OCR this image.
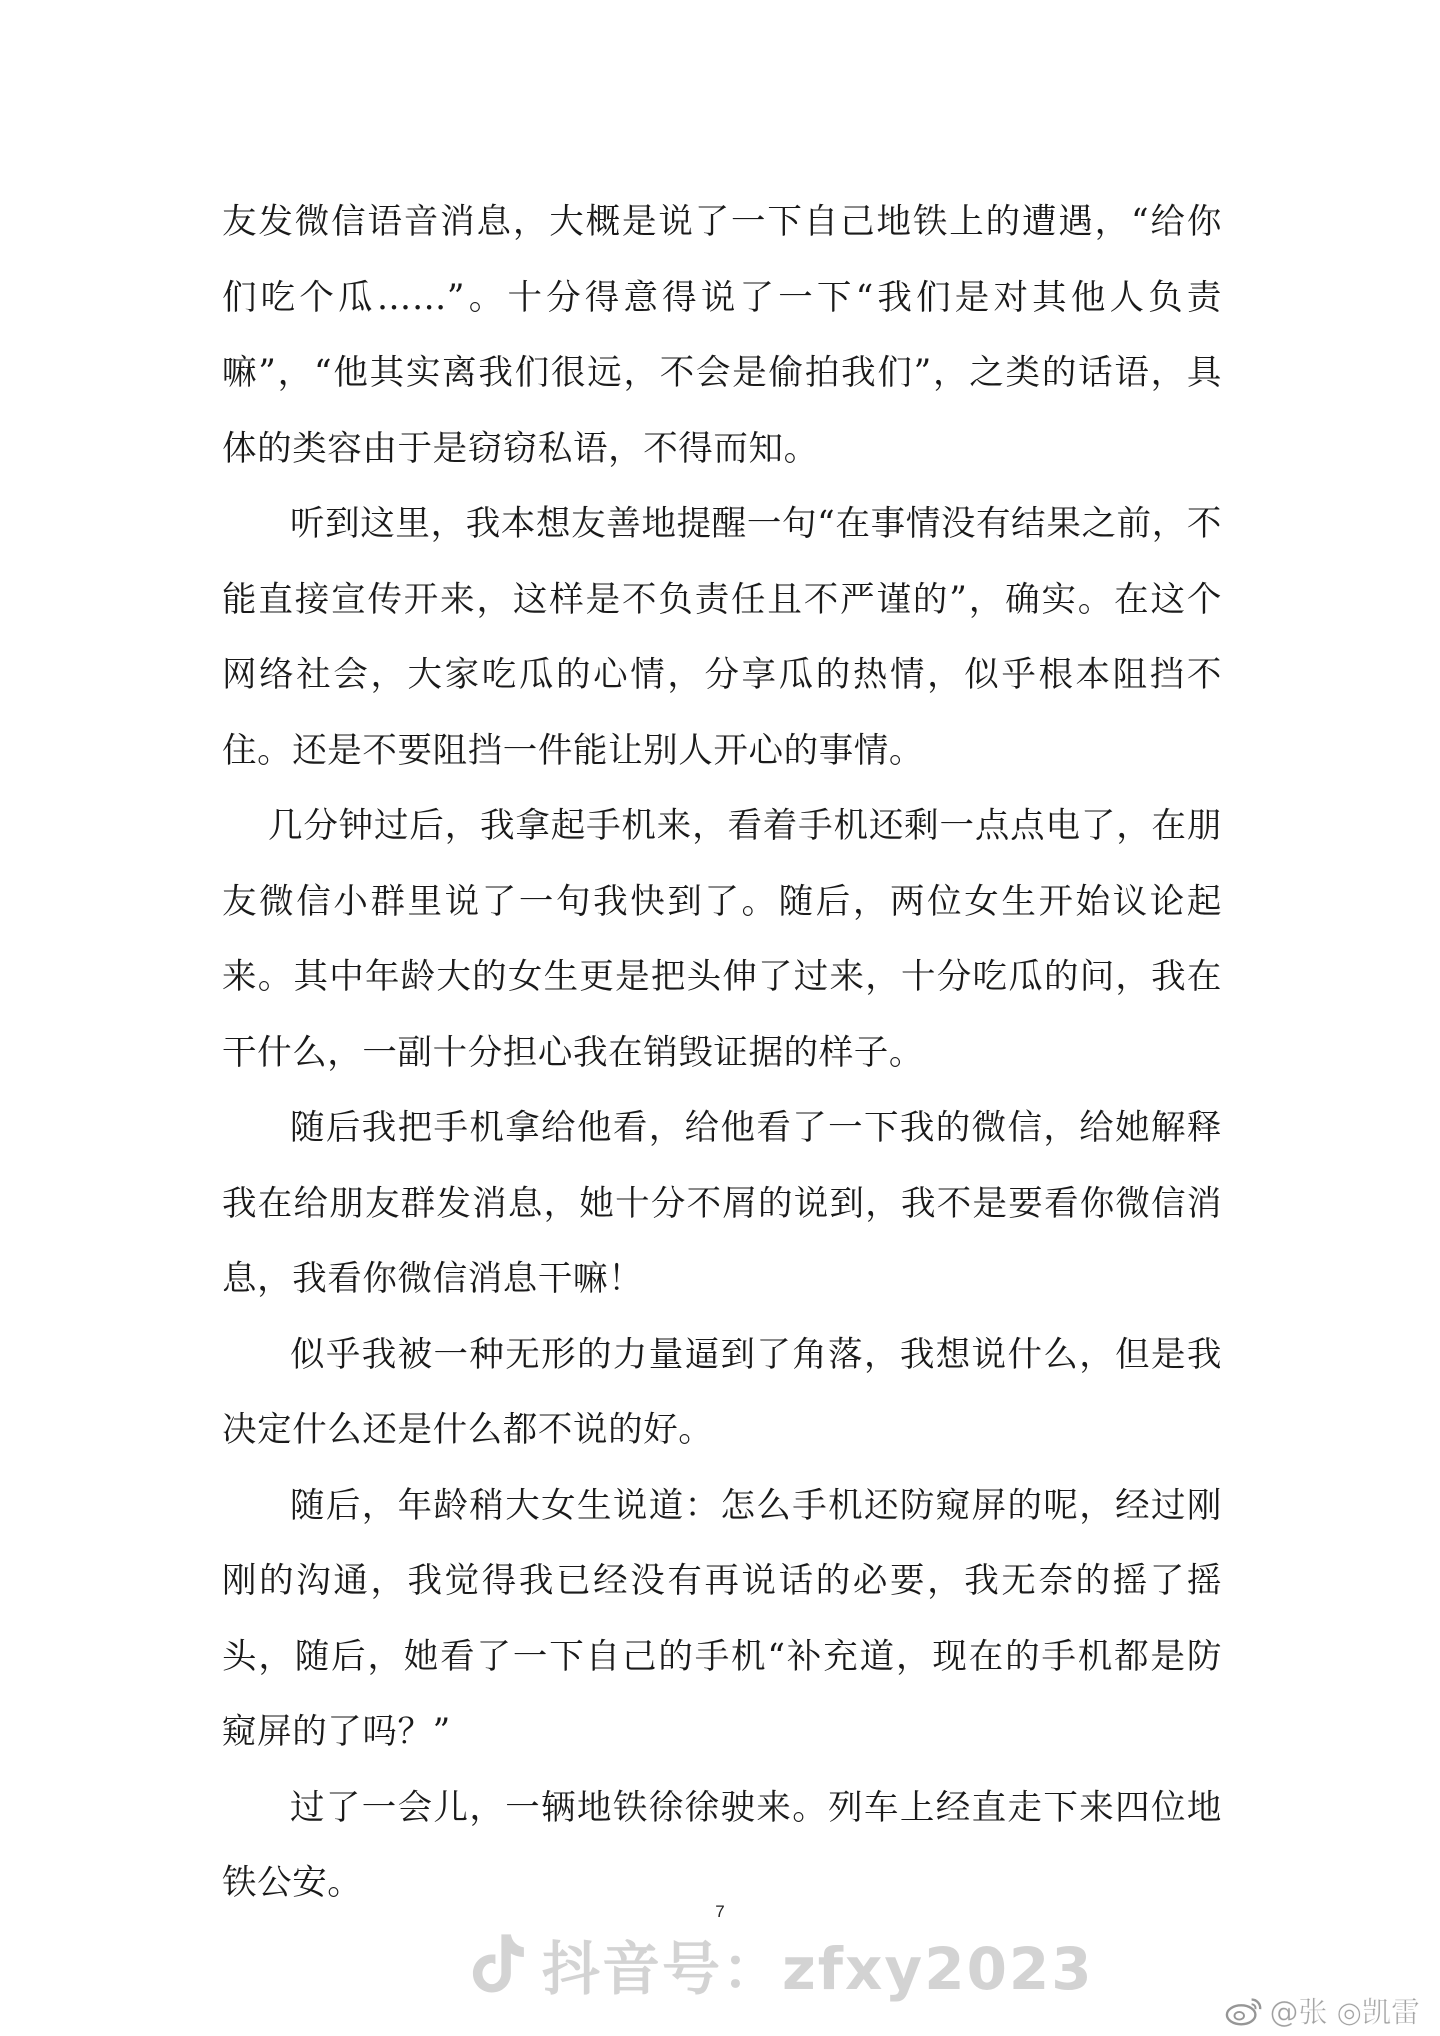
友发微信语音消息，大概是说了一下自己地铁上的遭遇，“给你们吃个瓜……”。十分得意得说了一下“我们是对其他人负责嘛”，“他其实离我们很远，不会是偷拍我们”，之类的话语，具体的类容由于是窃窃私语，不得而知。

听到这里，我本想友善地提醒一句“在事情没有结果之前，不能直接宣传开来，这样是不负责任且不严谨的”，确实。在这个网络社会，大家吃瓜的心情，分享瓜的热情，似乎根本阻挡不住。还是不要阻挡一件能让别人开心的事情。

几分钟过后，我拿起手机来，看着手机还剩一点点电了，在朋友微信小群里说了一句我快到了。随后，两位女生开始议论起来。其中年龄大的女生更是把头伸了过来，十分吃瓜的问，我在干什么，一副十分担心我在销毁证据的样子。

随后我把手机拿给他看，给他看了一下我的微信，给她解释我在给朋友群发消息，她十分不屑的说到，我不是要看你微信消息，我看你微信消息干嘛！

似乎我被一种无形的力量逼到了角落，我想说什么，但是我决定什么还是什么都不说的好。

随后，年龄稍大女生说道：怎么手机还防窥屏的呢，经过刚刚的沟通，我觉得我已经没有再说话的必要，我无奈的摇了摇头，随后，她看了一下自己的手机“补充道，现在的手机都是防窥屏的了吗？”

过了一会儿，一辆地铁徐徐驶来。列车上经直走下来四位地铁公安。

7
抖音号：zfxy2023
@张 ◎凯雷
